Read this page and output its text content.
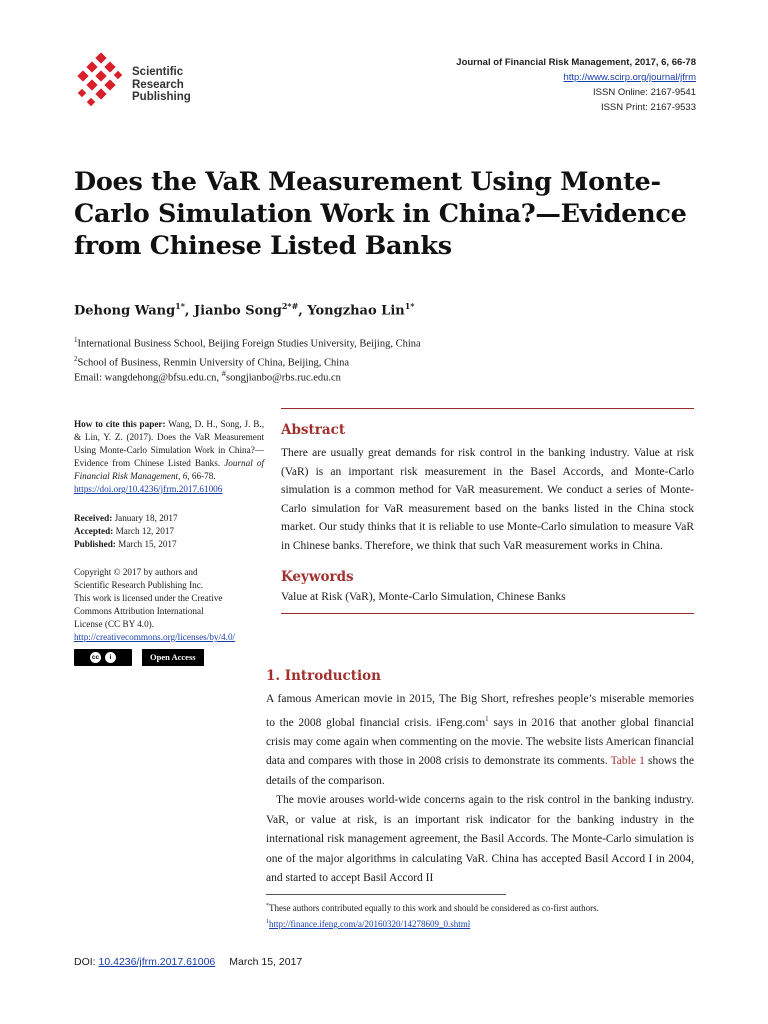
Scientific
Research
Publishing
Journal of Financial Risk Management, 2017, 6, 66-78
http://www.scirp.org/journal/jfrm
ISSN Online: 2167-9541
ISSN Print: 2167-9533
Does the VaR Measurement Using Monte-Carlo Simulation Work in China?—Evidence from Chinese Listed Banks
Dehong Wang$^{1*}$, Jianbo Song$^{2*\#}$, Yongzhao Lin$^{1*}$
$^1$International Business School, Beijing Foreign Studies University, Beijing, China
$^2$School of Business, Renmin University of China, Beijing, China
Email: wangdehong@bfsu.edu.cn, #songjianbo@rbs.ruc.edu.cn
How to cite this paper: Wang, D. H., Song, J. B., & Lin, Y. Z. (2017). Does the VaR Measurement Using Monte-Carlo Simulation Work in China?—Evidence from Chinese Listed Banks. Journal of Financial Risk Management, 6, 66-78.
https://doi.org/10.4236/jfrm.2017.61006
Received: January 18, 2017
Accepted: March 12, 2017
Published: March 15, 2017
Copyright © 2017 by authors and
Scientific Research Publishing Inc.
This work is licensed under the Creative
Commons Attribution International
License (CC BY 4.0).
http://creativecommons.org/licenses/by/4.0/
cc	i	Open Access
Abstract
There are usually great demands for risk control in the banking industry. Value at risk (VaR) is an important risk measurement in the Basel Accords, and Monte-Carlo simulation is a common method for VaR measurement. We conduct a series of Monte-Carlo simulation for VaR measurement based on the banks listed in the China stock market. Our study thinks that it is reliable to use Monte-Carlo simulation to measure VaR in Chinese banks. Therefore, we think that such VaR measurement works in China.
Keywords
Value at Risk (VaR), Monte-Carlo Simulation, Chinese Banks
1. Introduction

A famous American movie in 2015, The Big Short, refreshes people’s miserable memories to the 2008 global financial crisis. iFeng.com$^1$ says in 2016 that another global financial crisis may come again when commenting on the movie. The website lists American financial data and compares with those in 2008 crisis to demonstrate its comments. Table 1 shows the details of the comparison.

The movie arouses world-wide concerns again to the risk control in the banking industry. VaR, or value at risk, is an important risk indicator for the banking industry in the international risk management agreement, the Basil Accords. The Monte-Carlo simulation is one of the major algorithms in calculating VaR. China has accepted Basil Accord I in 2004, and started to accept Basil Accord II

*These authors contributed equally to this work and should be considered as co-first authors.
$^1$http://finance.ifeng.com/a/20160320/14278609_0.shtml
DOI: 10.4236/jfrm.2017.61006 March 15, 2017
